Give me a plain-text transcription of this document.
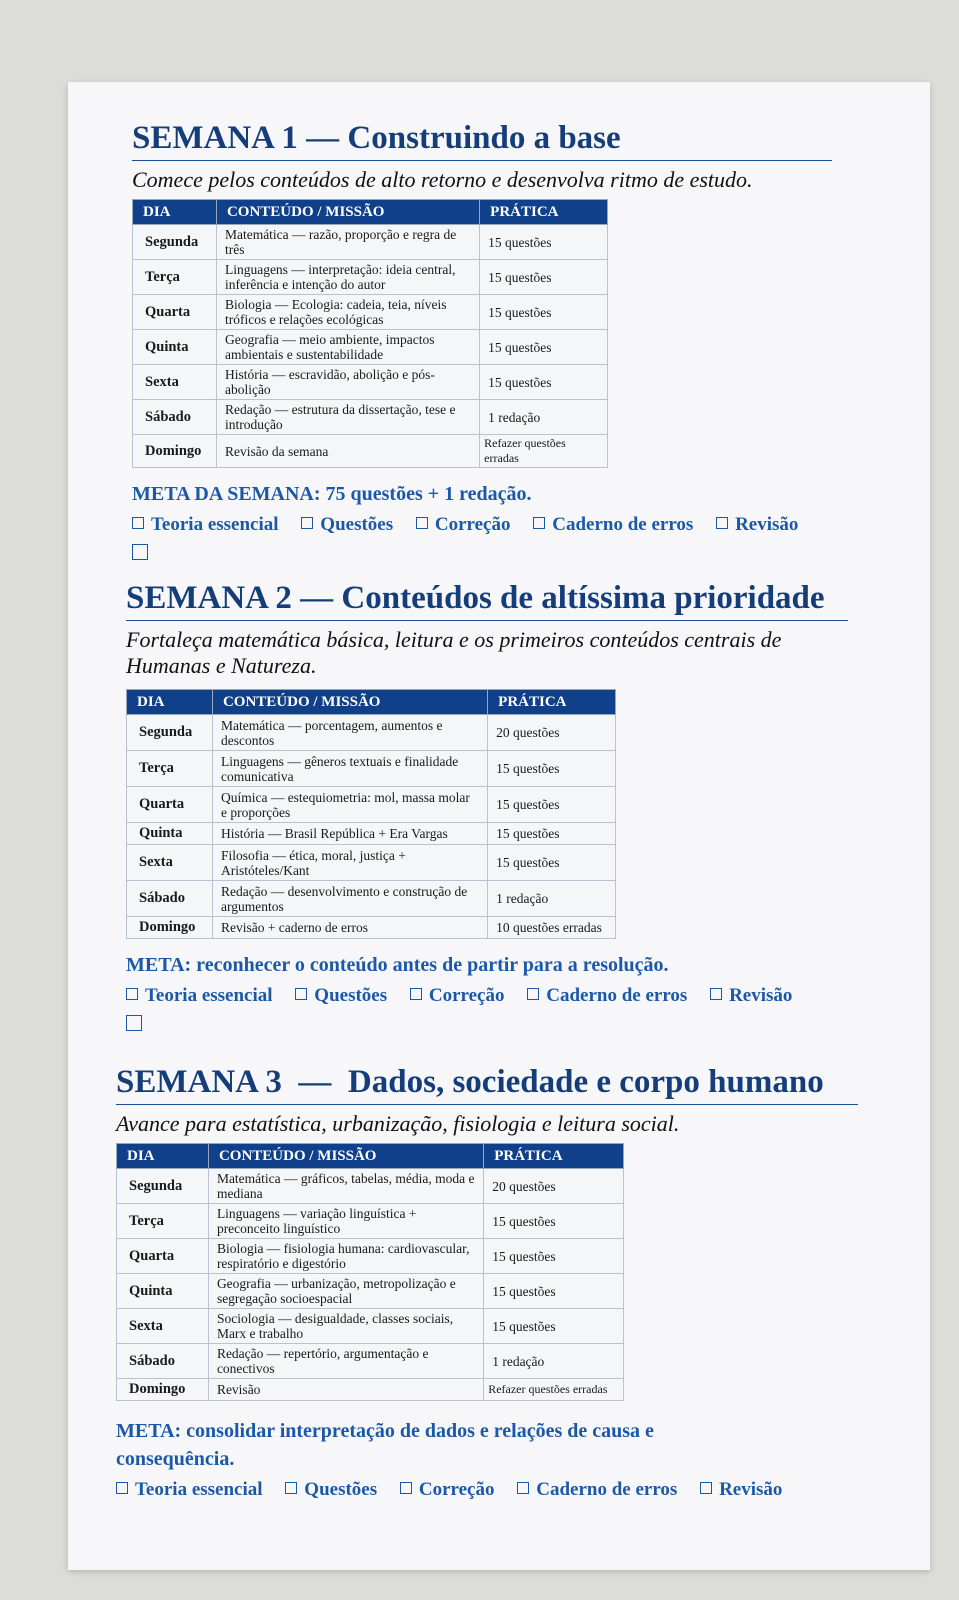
SEMANA 1 — Construindo a base
Comece pelos conteúdos de alto retorno e desenvolva ritmo de estudo.
DIA	CONTEÚDO / MISSÃO	PRÁTICA
Segunda	Matemática — razão, proporção e regra de três	15 questões
Terça	Linguagens — interpretação: ideia central, inferência e intenção do autor	15 questões
Quarta	Biologia — Ecologia: cadeia, teia, níveis tróficos e relações ecológicas	15 questões
Quinta	Geografia — meio ambiente, impactos ambientais e sustentabilidade	15 questões
Sexta	História — escravidão, abolição e pós-abolição	15 questões
Sábado	Redação — estrutura da dissertação, tese e introdução	1 redação
Domingo	Revisão da semana	Refazer questões erradas
META DA SEMANA: 75 questões + 1 redação.
Teoria essencial Questões Correção Caderno de erros Revisão
SEMANA 2 — Conteúdos de altíssima prioridade
Fortaleça matemática básica, leitura e os primeiros conteúdos centrais de Humanas e Natureza.
DIA	CONTEÚDO / MISSÃO	PRÁTICA
Segunda	Matemática — porcentagem, aumentos e descontos	20 questões
Terça	Linguagens — gêneros textuais e finalidade comunicativa	15 questões
Quarta	Química — estequiometria: mol, massa molar e proporções	15 questões
Quinta	História — Brasil República + Era Vargas	15 questões
Sexta	Filosofia — ética, moral, justiça + Aristóteles/Kant	15 questões
Sábado	Redação — desenvolvimento e construção de argumentos	1 redação
Domingo	Revisão + caderno de erros	10 questões erradas
META: reconhecer o conteúdo antes de partir para a resolução.
Teoria essencial Questões Correção Caderno de erros Revisão
SEMANA 3  —  Dados, sociedade e corpo humano
Avance para estatística, urbanização, fisiologia e leitura social.
DIA	CONTEÚDO / MISSÃO	PRÁTICA
Segunda	Matemática — gráficos, tabelas, média, moda e mediana	20 questões
Terça	Linguagens — variação linguística + preconceito linguístico	15 questões
Quarta	Biologia — fisiologia humana: cardiovascular, respiratório e digestório	15 questões
Quinta	Geografia — urbanização, metropolização e segregação socioespacial	15 questões
Sexta	Sociologia — desigualdade, classes sociais, Marx e trabalho	15 questões
Sábado	Redação — repertório, argumentação e conectivos	1 redação
Domingo	Revisão	Refazer questões erradas
META: consolidar interpretação de dados e relações de causa e consequência.
Teoria essencial Questões Correção Caderno de erros Revisão
